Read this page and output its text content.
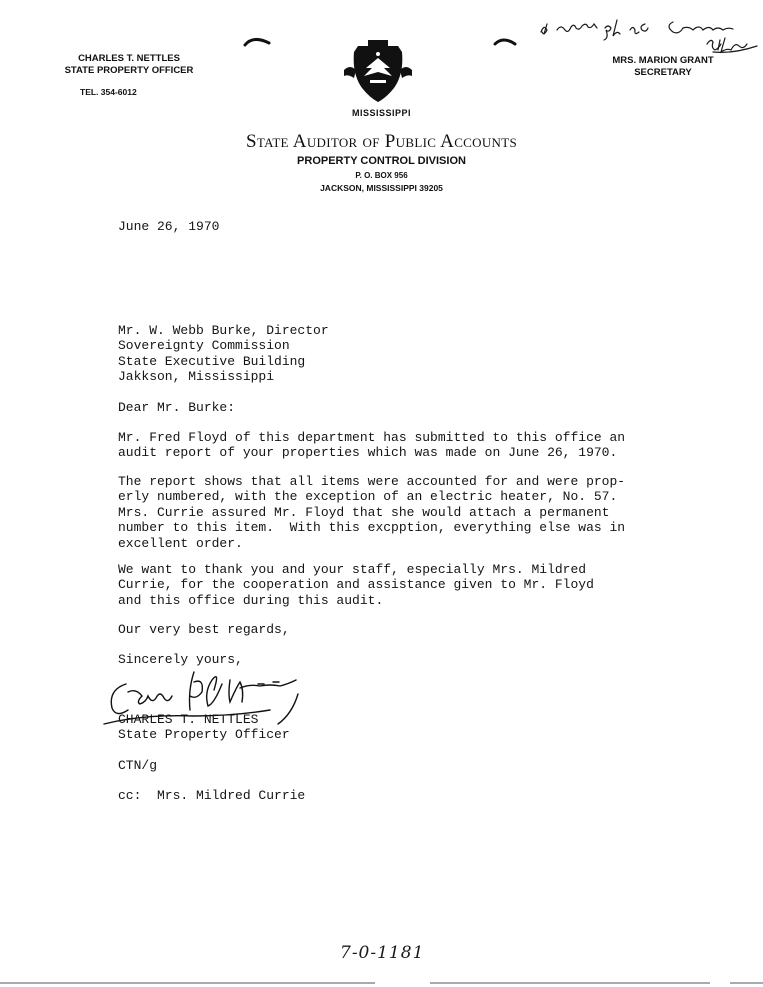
CHARLES T. NETTLES
STATE PROPERTY OFFICER
TEL. 354-6012
MRS. MARION GRANT
SECRETARY
MISSISSIPPI
State Auditor of Public Accounts
PROPERTY CONTROL DIVISION
P. O. BOX 956
JACKSON, MISSISSIPPI 39205
June 26, 1970
Mr. W. Webb Burke, Director
Sovereignty Commission
State Executive Building
Jakkson, Mississippi
Dear Mr. Burke:
Mr. Fred Floyd of this department has submitted to this office an
audit report of your properties which was made on June 26, 1970.
The report shows that all items were accounted for and were prop-
erly numbered, with the exception of an electric heater, No. 57.
Mrs. Currie assured Mr. Floyd that she would attach a permanent
number to this item.  With this excpption, everything else was in
excellent order.
We want to thank you and your staff, especially Mrs. Mildred
Currie, for the cooperation and assistance given to Mr. Floyd
and this office during this audit.
Our very best regards,
Sincerely yours,
CHARLES T. NETTLES
State Property Officer
CTN/g
cc:  Mrs. Mildred Currie
7-0-1181
